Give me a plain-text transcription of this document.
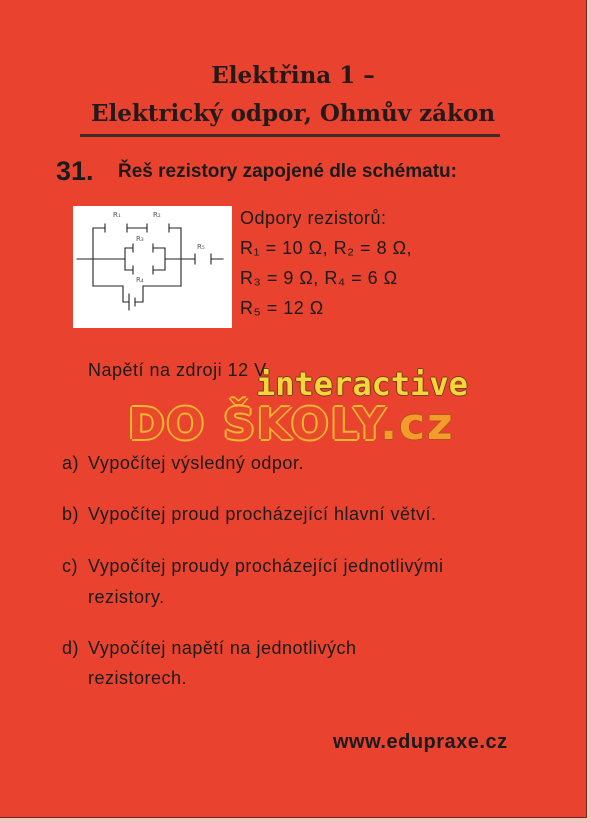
Elektřina 1 –
Elektrický odpor, Ohmův zákon
31. Řeš rezistory zapojené dle schématu:
R₁	R₂
R₃
R₄
R₅
Odpory rezistorů:
R₁ = 10 Ω, R₂ = 8 Ω,
R₃ = 9 Ω, R₄ = 6 Ω
R₅ = 12 Ω
Napětí na zdroji 12 V
interactive
DO ŠKOLY.cz
a) Vypočítej výsledný odpor.
b) Vypočítej proud procházející hlavní větví.
c) Vypočítej proudy procházející jednotlivými
rezistory.
d) Vypočítej napětí na jednotlivých
rezistorech.
www.edupraxe.cz
